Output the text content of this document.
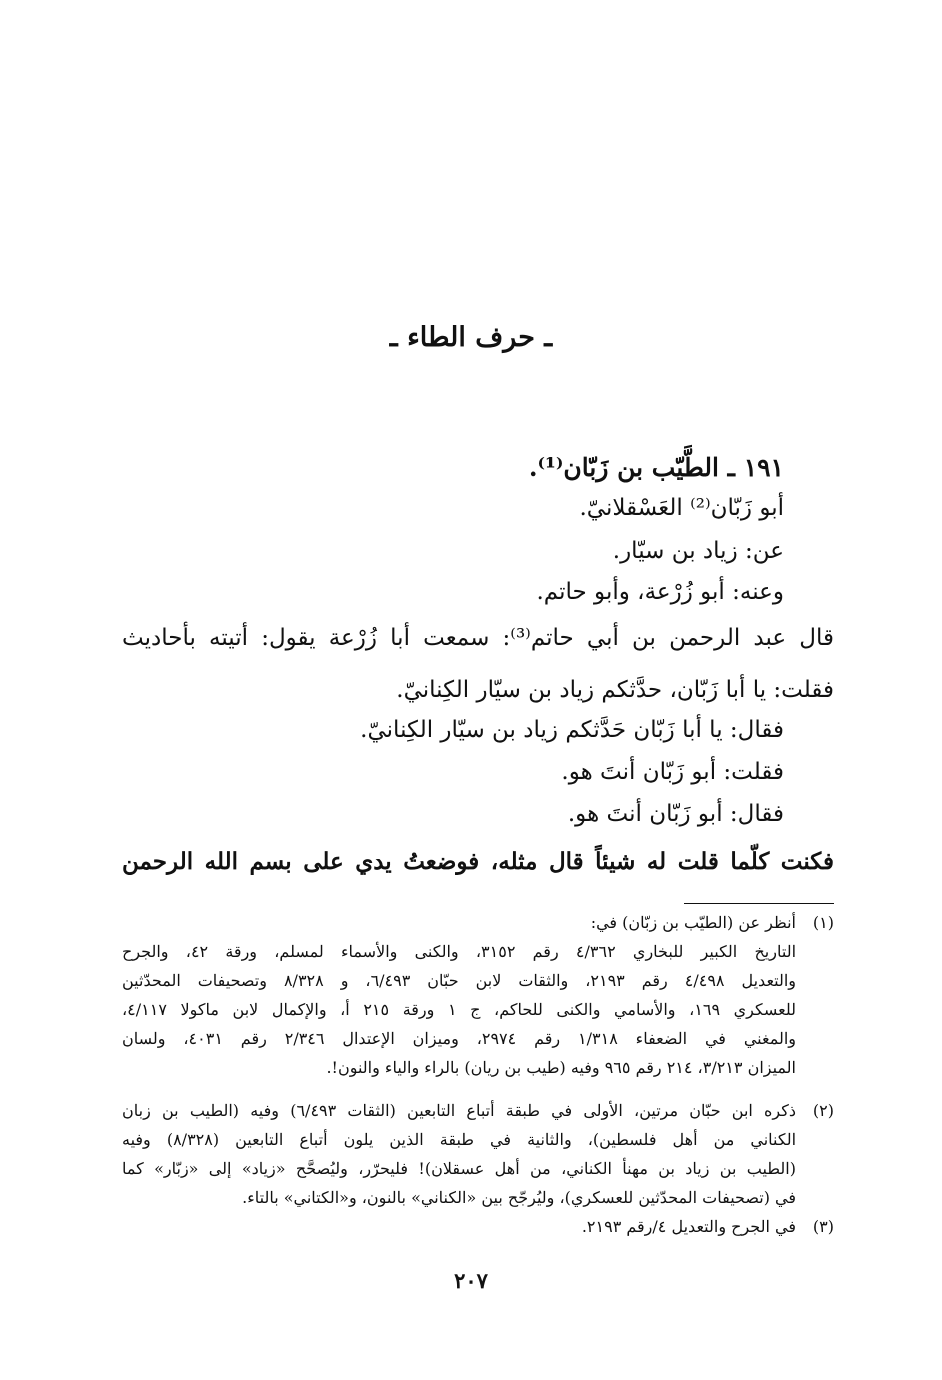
ـ حرف الطاء ـ
١٩١ ـ الطَّيّب بن زَبّان⁽¹⁾.
أبو زَبّان⁽²⁾ العَسْقلانيّ.
عن: زياد بن سيّار.
وعنه: أبو زُرْعة، وأبو حاتم.
قال عبد الرحمن بن أبي حاتم⁽³⁾: سمعت أبا زُرْعة يقول: أتيته بأحاديث
فقلت: يا أبا زَبّان، حدَّثكم زياد بن سيّار الكِنانيّ.
فقال: يا أبا زَبّان حَدَّثكم زياد بن سيّار الكِنانيّ.
فقلت: أبو زَبّان أنتَ هو.
فقال: أبو زَبّان أنتَ هو.
فكنت كلّما قلت له شيئاً قال مثله، فوضعتُ يدي على بسم الله الرحمن
(١)
أنظر عن (الطيّب بن زبّان) في:
التاريخ الكبير للبخاري ٤/٣٦٢ رقم ٣١٥٢، والكنى والأسماء لمسلم، ورقة ٤٢، والجرح
والتعديل ٤/٤٩٨ رقم ٢١٩٣، والثقات لابن حبّان ٦/٤٩٣، و ٨/٣٢٨ وتصحيفات المحدّثين
للعسكري ١٦٩، والأسامي والكنى للحاكم، ج ١ ورقة ٢١٥ أ، والإكمال لابن ماكولا ٤/١١٧،
والمغني في الضعفاء ١/٣١٨ رقم ٢٩٧٤، وميزان الإعتدال ٢/٣٤٦ رقم ٤٠٣١، ولسان
الميزان ٣/٢١٣، ٢١٤ رقم ٩٦٥ وفيه (طيب بن ريان) بالراء والياء والنون!.
(٢)
ذكره ابن حبّان مرتين، الأولى في طبقة أتباع التابعين (الثقات ٦/٤٩٣) وفيه (الطيب بن زبان
الكناني من أهل فلسطين)، والثانية في طبقة الذين يلون أتباع التابعين (٨/٣٢٨) وفيه
(الطيب بن زياد بن مهنأ الكناني، من أهل عسقلان)! فليحرّر، وليُصحَّح «زياد» إلى «زبّار» كما
في (تصحيفات المحدّثين للعسكري)، وليُرجّح بين «الكناني» بالنون، و«الكتاني» بالتاء.
(٣)
في الجرح والتعديل ٤/رقم ٢١٩٣.
٢٠٧
